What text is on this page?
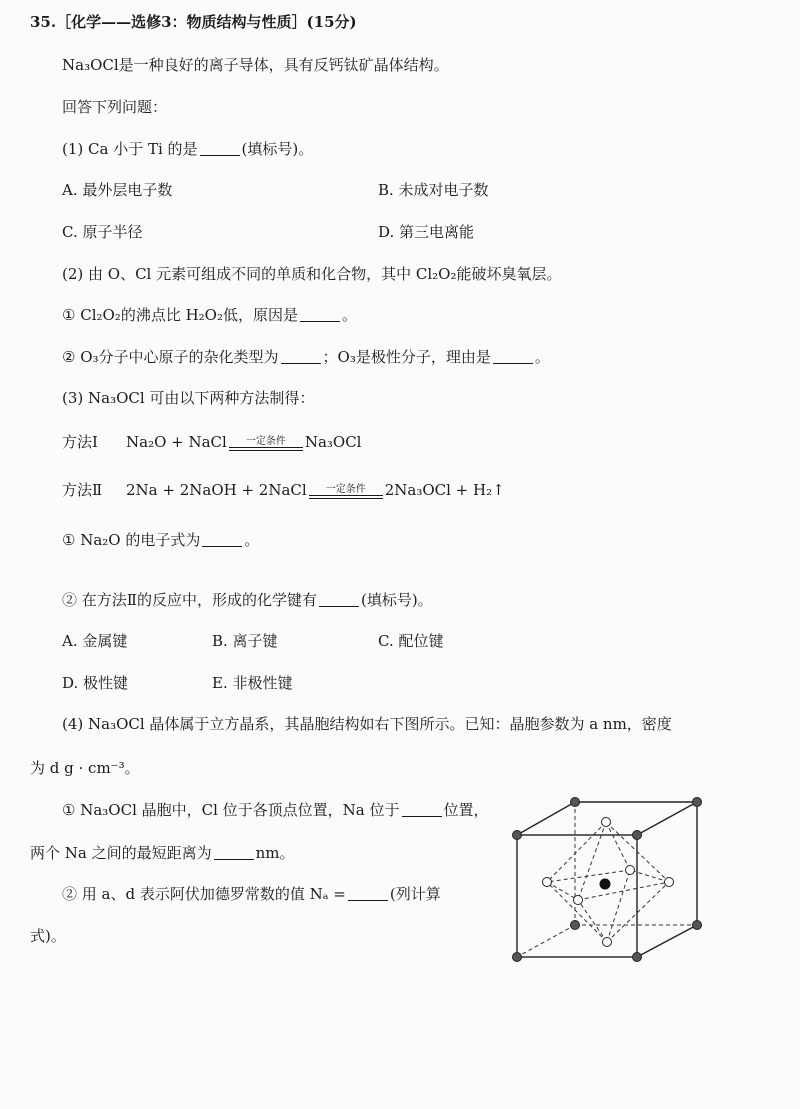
35.［化学——选修3：物质结构与性质］(15分)
Na₃OCl是一种良好的离子导体，具有反钙钛矿晶体结构。
回答下列问题：
(1) Ca 小于 Ti 的是	(填标号)。
A. 最外层电子数	B. 未成对电子数
C. 原子半径	D. 第三电离能
(2) 由 O、Cl 元素可组成不同的单质和化合物，其中 Cl₂O₂能破坏臭氧层。
① Cl₂O₂的沸点比 H₂O₂低，原因是	。
② O₃分子中心原子的杂化类型为	；O₃是极性分子，理由是	。
(3) Na₃OCl 可由以下两种方法制得：
方法Ⅰ Na₂O + NaCl	一定条件	Na₃OCl
方法Ⅱ 2Na + 2NaOH + 2NaCl	一定条件	2Na₃OCl + H₂↑
① Na₂O 的电子式为	。
② 在方法Ⅱ的反应中，形成的化学键有	(填标号)。
A. 金属键	B. 离子键	C. 配位键
D. 极性键	E. 非极性键
(4) Na₃OCl 晶体属于立方晶系，其晶胞结构如右下图所示。已知：晶胞参数为 a nm，密度
为 d g · cm⁻³。
① Na₃OCl 晶胞中，Cl 位于各顶点位置，Na 位于	位置，
两个 Na 之间的最短距离为	nm。
② 用 a、d 表示阿伏加德罗常数的值 Nₐ =	(列计算
式)。
